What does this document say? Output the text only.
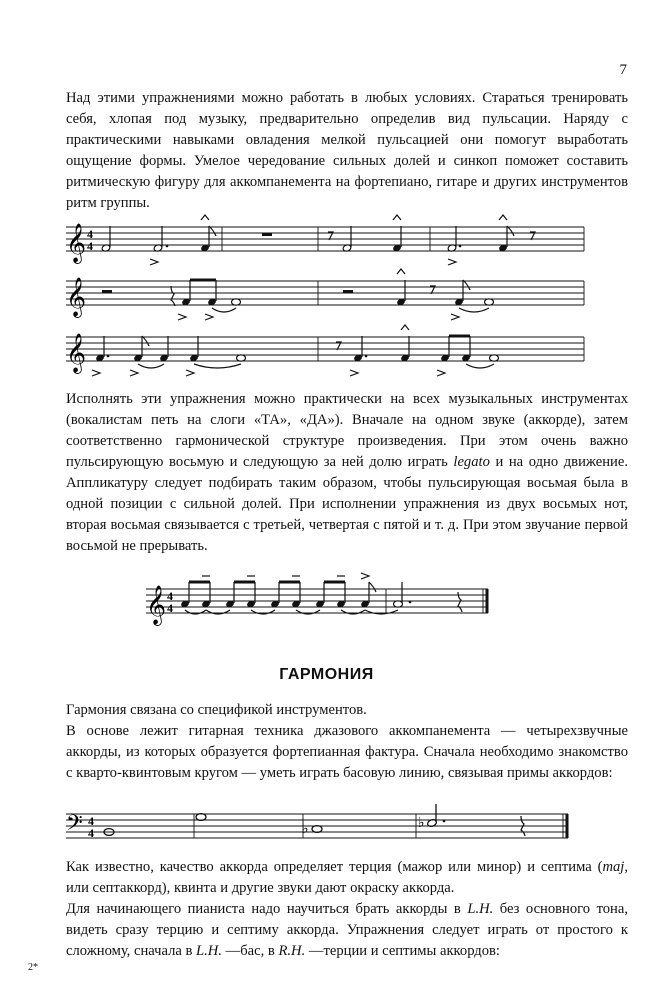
7

Над этими упражнениями можно работать в любых условиях. Стараться тренировать себя, хлопая под музыку, предварительно определив вид пульсации. Наряду с практическими навыками овладения мелкой пульсацией они помогут выработать ощущение формы. Умелое чередование сильных долей и синкоп поможет составить ритмическую фигуру для аккомпанемента на фортепиано, гитаре и других инструментов ритм группы.

𝄞 4
4
𝄞
𝄞

Исполнять эти упражнения можно практически на всех музыкальных инструментах (вокалистам петь на слоги «ТА», «ДА»). Вначале на одном звуке (аккорде), затем соответственно гармонической структуре произведения. При этом очень важно пульсирующую восьмую и следующую за ней долю играть legato и на одно движение. Аппликатуру следует подбирать таким образом, чтобы пульсирующая восьмая была в одной позиции с сильной долей. При исполнении упражнения из двух восьмых нот, вторая восьмая связывается с третьей, четвертая с пятой и т. д. При этом звучание первой восьмой не прерывать.

𝄞 4
4
ГАРМОНИЯ

Гармония связана со спецификой инструментов.

В основе лежит гитарная техника джазового аккомпанемента — четырехзвучные аккорды, из которых образуется фортепианная фактура. Сначала необходимо знакомство с кварто-квинтовым кругом — уметь играть басовую линию, связывая примы аккордов:

𝄢 4
4	♭	♭

Как известно, качество аккорда определяет терция (мажор или минор) и септима (maj, или септаккорд), квинта и другие звуки дают окраску аккорда.

Для начинающего пианиста надо научиться брать аккорды в L.H. без основного тона, видеть сразу терцию и септиму аккорда. Упражнения следует играть от простого к сложному, сначала в L.H. —бас, в R.H. —терции и септимы аккордов:

2*
